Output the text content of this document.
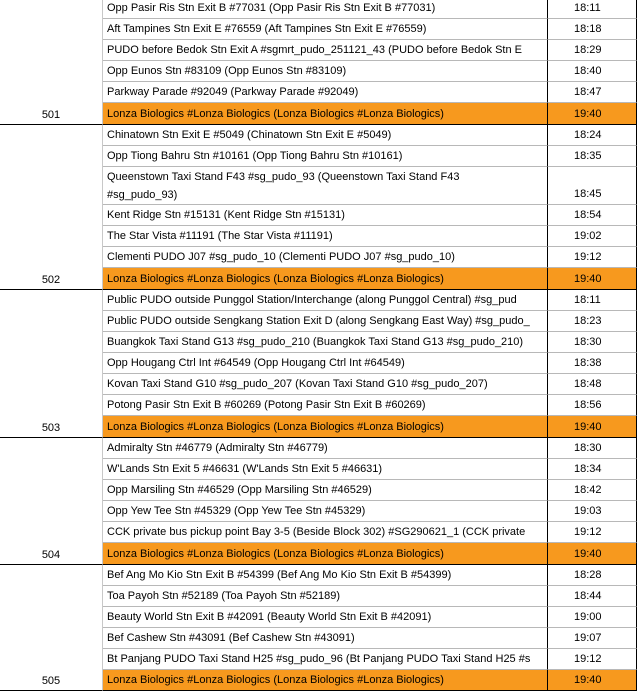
Opp Pasir Ris Stn Exit B #77031 (Opp Pasir Ris Stn Exit B #77031)	18:11
Aft Tampines Stn Exit E #76559 (Aft Tampines Stn Exit E #76559)	18:18
PUDO before Bedok Stn Exit A #sgmrt_pudo_251121_43 (PUDO before Bedok Stn E	18:29
Opp Eunos Stn #83109 (Opp Eunos Stn #83109)	18:40
Parkway Parade #92049 (Parkway Parade #92049)	18:47
Lonza Biologics #Lonza Biologics (Lonza Biologics #Lonza Biologics)	19:40
501
Chinatown Stn Exit E #5049 (Chinatown Stn Exit E #5049)	18:24
Opp Tiong Bahru Stn #10161 (Opp Tiong Bahru Stn #10161)	18:35
Queenstown Taxi Stand F43 #sg_pudo_93 (Queenstown Taxi Stand F43 #sg_pudo_93)	18:45
Kent Ridge Stn #15131 (Kent Ridge Stn #15131)	18:54
The Star Vista #11191 (The Star Vista #11191)	19:02
Clementi PUDO J07 #sg_pudo_10 (Clementi PUDO J07 #sg_pudo_10)	19:12
Lonza Biologics #Lonza Biologics (Lonza Biologics #Lonza Biologics)	19:40
502
Public PUDO outside Punggol Station/Interchange (along Punggol Central) #sg_pud	18:11
Public PUDO outside Sengkang Station Exit D (along Sengkang East Way) #sg_pudo_	18:23
Buangkok Taxi Stand G13 #sg_pudo_210 (Buangkok Taxi Stand G13 #sg_pudo_210)	18:30
Opp Hougang Ctrl Int #64549 (Opp Hougang Ctrl Int #64549)	18:38
Kovan Taxi Stand G10 #sg_pudo_207 (Kovan Taxi Stand G10 #sg_pudo_207)	18:48
Potong Pasir Stn Exit B #60269 (Potong Pasir Stn Exit B #60269)	18:56
Lonza Biologics #Lonza Biologics (Lonza Biologics #Lonza Biologics)	19:40
503
Admiralty Stn #46779 (Admiralty Stn #46779)	18:30
W'Lands Stn Exit 5 #46631 (W'Lands Stn Exit 5 #46631)	18:34
Opp Marsiling Stn #46529 (Opp Marsiling Stn #46529)	18:42
Opp Yew Tee Stn #45329 (Opp Yew Tee Stn #45329)	19:03
CCK private bus pickup point Bay 3-5 (Beside Block 302) #SG290621_1 (CCK private	19:12
Lonza Biologics #Lonza Biologics (Lonza Biologics #Lonza Biologics)	19:40
504
Bef Ang Mo Kio Stn Exit B #54399 (Bef Ang Mo Kio Stn Exit B #54399)	18:28
Toa Payoh Stn #52189 (Toa Payoh Stn #52189)	18:44
Beauty World Stn Exit B #42091 (Beauty World Stn Exit B #42091)	19:00
Bef Cashew Stn #43091 (Bef Cashew Stn #43091)	19:07
Bt Panjang PUDO Taxi Stand H25 #sg_pudo_96 (Bt Panjang PUDO Taxi Stand H25 #s	19:12
Lonza Biologics #Lonza Biologics (Lonza Biologics #Lonza Biologics)	19:40
505
